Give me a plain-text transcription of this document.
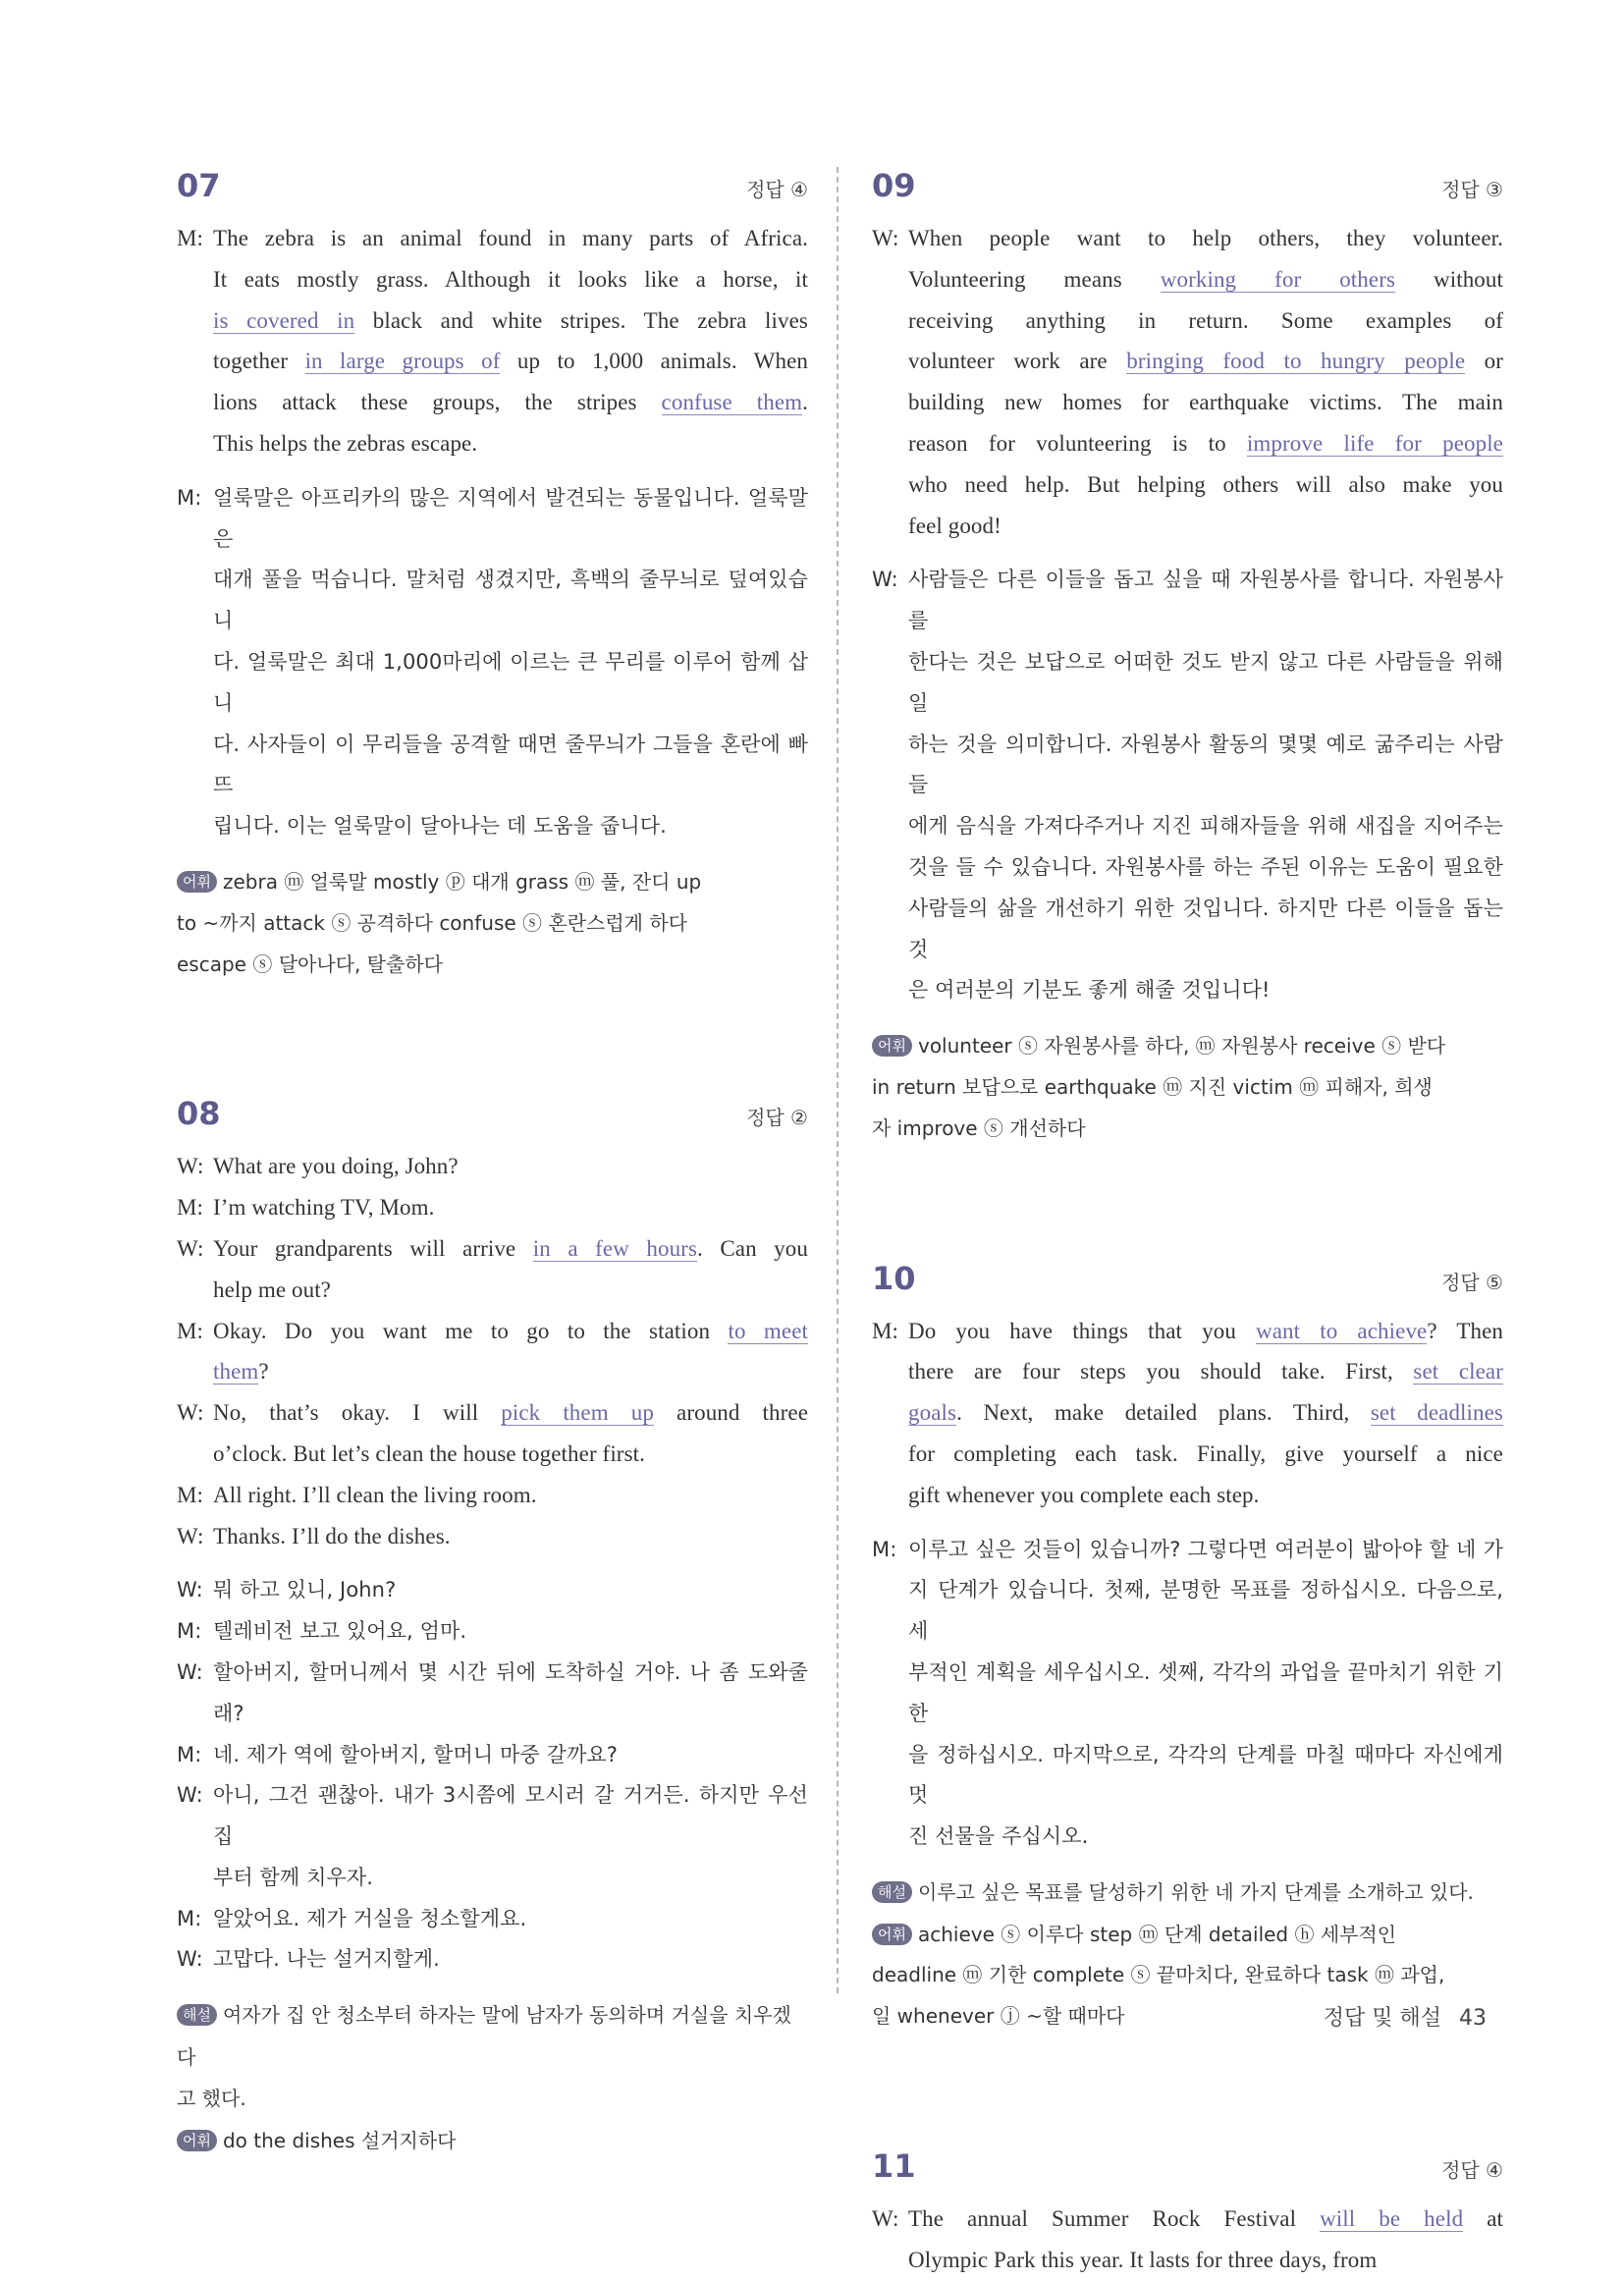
07	정답 ④
M: The zebra is an animal found in many parts of Africa.
It eats mostly grass. Although it looks like a horse, it
is covered in black and white stripes. The zebra lives
together in large groups of up to 1,000 animals. When
lions attack these groups, the stripes confuse them.
This helps the zebras escape.
M: 얼룩말은 아프리카의 많은 지역에서 발견되는 동물입니다. 얼룩말은
대개 풀을 먹습니다. 말처럼 생겼지만, 흑백의 줄무늬로 덮여있습니
다. 얼룩말은 최대 1,000마리에 이르는 큰 무리를 이루어 함께 삽니
다. 사자들이 이 무리들을 공격할 때면 줄무늬가 그들을 혼란에 빠뜨
립니다. 이는 얼룩말이 달아나는 데 도움을 줍니다.
어휘 zebra ⓜ 얼룩말 mostly ⓟ 대개 grass ⓜ 풀, 잔디 up
to ~까지 attack ⓢ 공격하다 confuse ⓢ 혼란스럽게 하다
escape ⓢ 달아나다, 탈출하다
08	정답 ②
W: What are you doing, John?
M: I’m watching TV, Mom.
W: Your grandparents will arrive in a few hours. Can you
help me out?
M: Okay. Do you want me to go to the station to meet
them?
W: No, that’s okay. I will pick them up around three
o’clock. But let’s clean the house together first.
M: All right. I’ll clean the living room.
W: Thanks. I’ll do the dishes.
W: 뭐 하고 있니, John?
M: 텔레비전 보고 있어요, 엄마.
W: 할아버지, 할머니께서 몇 시간 뒤에 도착하실 거야. 나 좀 도와줄래?
M: 네. 제가 역에 할아버지, 할머니 마중 갈까요?
W: 아니, 그건 괜찮아. 내가 3시쯤에 모시러 갈 거거든. 하지만 우선 집
부터 함께 치우자.
M: 알았어요. 제가 거실을 청소할게요.
W: 고맙다. 나는 설거지할게.
해설 여자가 집 안 청소부터 하자는 말에 남자가 동의하며 거실을 치우겠다
고 했다.
어휘 do the dishes 설거지하다
09	정답 ③
W: When people want to help others, they volunteer.
Volunteering means working for others without
receiving anything in return. Some examples of
volunteer work are bringing food to hungry people or
building new homes for earthquake victims. The main
reason for volunteering is to improve life for people
who need help. But helping others will also make you
feel good!
W: 사람들은 다른 이들을 돕고 싶을 때 자원봉사를 합니다. 자원봉사를
한다는 것은 보답으로 어떠한 것도 받지 않고 다른 사람들을 위해 일
하는 것을 의미합니다. 자원봉사 활동의 몇몇 예로 굶주리는 사람들
에게 음식을 가져다주거나 지진 피해자들을 위해 새집을 지어주는
것을 들 수 있습니다. 자원봉사를 하는 주된 이유는 도움이 필요한
사람들의 삶을 개선하기 위한 것입니다. 하지만 다른 이들을 돕는 것
은 여러분의 기분도 좋게 해줄 것입니다!
어휘 volunteer ⓢ 자원봉사를 하다, ⓜ 자원봉사 receive ⓢ 받다
in return 보답으로 earthquake ⓜ 지진 victim ⓜ 피해자, 희생
자 improve ⓢ 개선하다
10	정답 ⑤
M: Do you have things that you want to achieve? Then
there are four steps you should take. First, set clear
goals. Next, make detailed plans. Third, set deadlines
for completing each task. Finally, give yourself a nice
gift whenever you complete each step.
M: 이루고 싶은 것들이 있습니까? 그렇다면 여러분이 밟아야 할 네 가
지 단계가 있습니다. 첫째, 분명한 목표를 정하십시오. 다음으로, 세
부적인 계획을 세우십시오. 셋째, 각각의 과업을 끝마치기 위한 기한
을 정하십시오. 마지막으로, 각각의 단계를 마칠 때마다 자신에게 멋
진 선물을 주십시오.
해설 이루고 싶은 목표를 달성하기 위한 네 가지 단계를 소개하고 있다.
어휘 achieve ⓢ 이루다 step ⓜ 단계 detailed ⓗ 세부적인
deadline ⓜ 기한 complete ⓢ 끝마치다, 완료하다 task ⓜ 과업,
일 whenever ⓙ ~할 때마다
11	정답 ④
W: The annual Summer Rock Festival will be held at
Olympic Park this year. It lasts for three days, from
정답 및 해설 43
